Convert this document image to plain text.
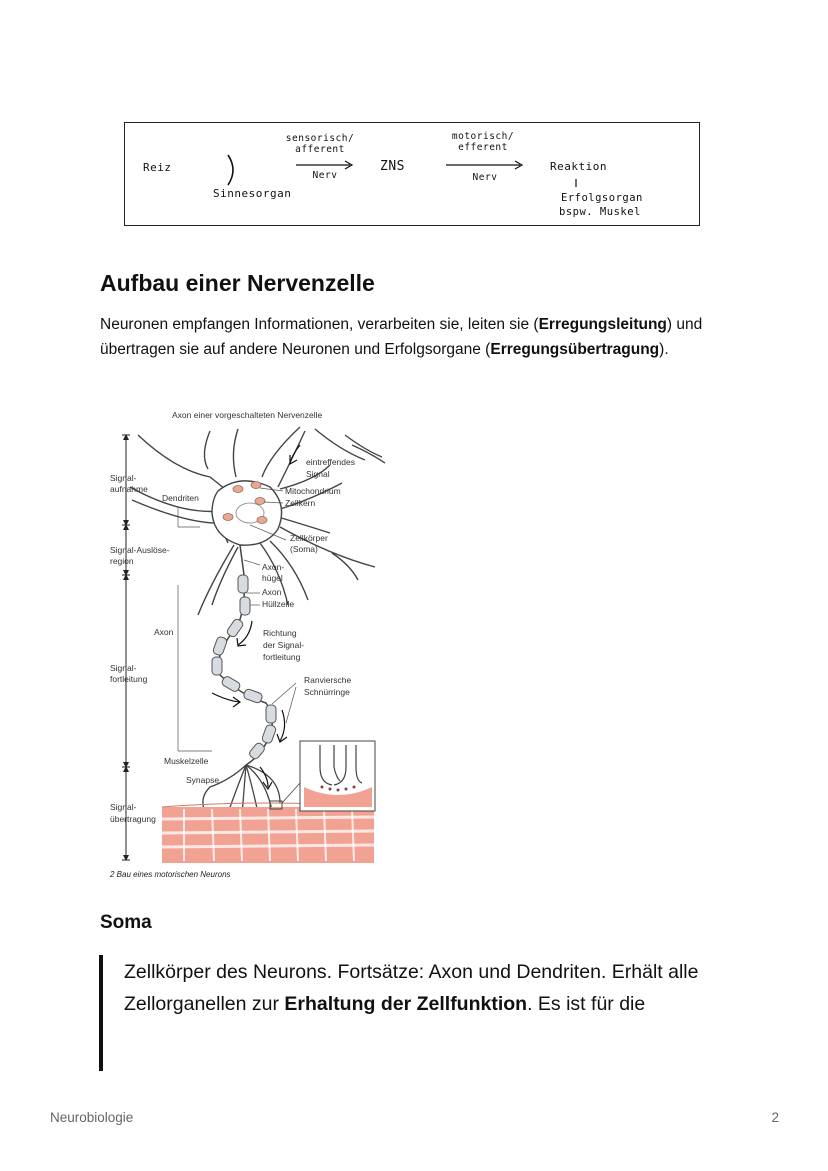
Reiz
Sinnesorgan
sensorisch/
afferent
Nerv
ZNS
motorisch/
efferent
Nerv
Reaktion
Erfolgsorgan
bspw. Muskel
Aufbau einer Nervenzelle

Neuronen empfangen Informationen, verarbeiten sie, leiten sie (Erregungsleitung) und übertragen sie auf andere Neuronen und Erfolgsorgane (Erregungsübertragung).

Axon einer vorgeschalteten Nervenzelle
eintreffendes
Signal
Mitochondrium
Zellkern
Dendriten
Signal-
aufnahme
Zellkörper
(Soma)
Signal-Auslöse-
region
Axon-
hügel
Axon
Hüllzelle
Axon	Richtung
der Signal-
fortleitung
Signal-
fortleitung	Ranviersche
Schnürringe
Muskelzelle
Synapse
Signal-
übertragung
2 Bau eines motorischen Neurons
Soma

Zellkörper des Neurons. Fortsätze: Axon und Dendriten. Erhält alle Zellorganellen zur Erhaltung der Zellfunktion. Es ist für die

Neurobiologie	2
